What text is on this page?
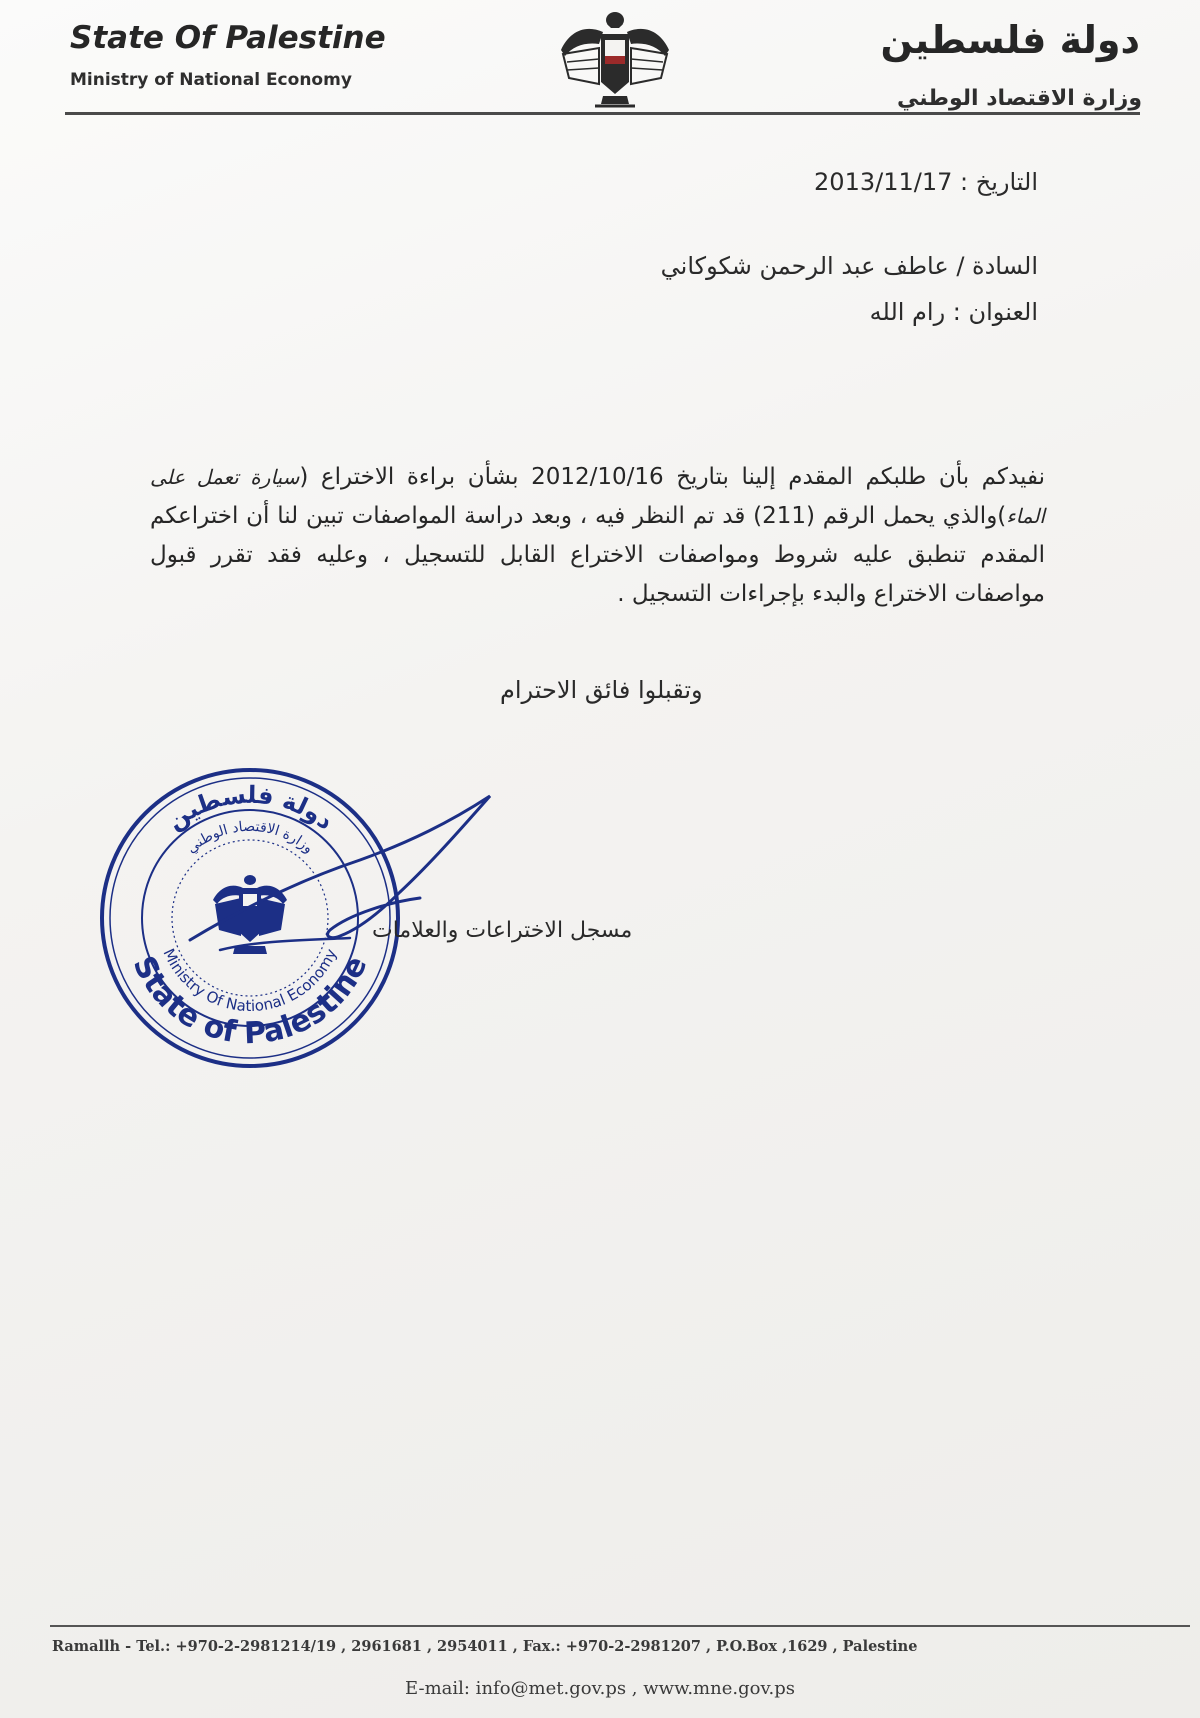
State Of Palestine
Ministry of National Economy
دولة فلسطين
وزارة الاقتصاد الوطني
التاريخ : 2013/11/17
السادة / عاطف عبد الرحمن شكوكاني
العنوان : رام الله
نفيدكم بأن طلبكم المقدم إلينا بتاريخ 2012/10/16 بشأن براءة الاختراع (سيارة تعمل على الماء)والذي يحمل الرقم (211) قد تم النظر فيه ، وبعد دراسة المواصفات تبين لنا أن اختراعكم المقدم تنطبق عليه شروط ومواصفات الاختراع القابل للتسجيل ، وعليه فقد تقرر قبول مواصفات الاختراع والبدء بإجراءات التسجيل .
وتقبلوا فائق الاحترام
State of Palestine
Ministry Of National Economy
دولة فلسطين
وزارة الاقتصاد الوطني
مسجل الاختراعات والعلامات
Ramallh - Tel.: +970-2-2981214/19 , 2961681 , 2954011 , Fax.: +970-2-2981207 , P.O.Box ,1629 , Palestine
E-mail: info@met.gov.ps , www.mne.gov.ps
